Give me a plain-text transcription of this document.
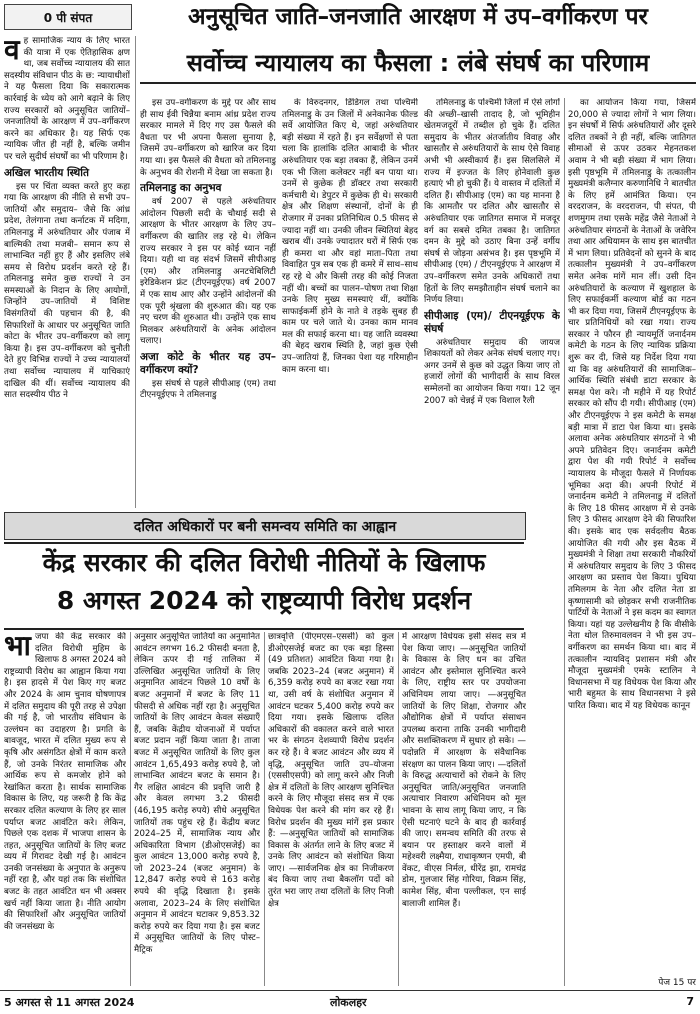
0 पी संपत	अनुसूचित जाति–जनजाति आरक्षण में उप–वर्गीकरण पर
सर्वोच्च न्यायालय का फैसला : लंबे संघर्ष का परिणाम
व ह सामाजिक न्याय के लिए भारत की यात्रा में एक ऐतिहासिक क्षण था, जब सर्वोच्च न्यायालय की सात सदस्यीय संविधान पीठ के छ: न्यायाधीशों ने यह फैसला दिया कि सकारात्मक कार्रवाई के ध्येय को आगे बढ़ाने के लिए राज्य सरकारों को अनुसूचित जातियों–जनजातियों के आरक्षण में उप–वर्गीकरण करने का अधिकार है। यह सिर्फ एक न्यायिक जीत ही नहीं है, बल्कि जमीन पर चले सुदीर्घ संघर्षों का भी परिणाम है।

अखिल भारतीय स्थिति

इस पर चिंता व्यक्त करते हुए कहा गया कि आरक्षण की नीति से सभी उप–जातियों और समुदाय– जैसे कि आंध्र प्रदेश, तेलंगाना तथा कर्नाटक में मदिगा, तमिलनाडु में अरुंधतियार और पंजाब में बाल्मिकी तथा मजबी– समान रूप से लाभान्वित नहीं हुए हैं और इसलिए लंबे समय से विरोध प्रदर्शन करते रहे हैं। तमिलनाडु समेत कुछ राज्यों ने उन समस्याओं के निदान के लिए आयोगों, जिन्होंने उप–जातियों में विशिष्ट विसंगतियों की पहचान की है, की सिफारिशों के आधार पर अनुसूचित जाति कोटा के भीतर उप–वर्गीकरण को लागू किया है। इस उप–वर्गीकरण को चुनौती देते हुए विभिन्न राज्यों ने उच्च न्यायालयों तथा सर्वोच्च न्यायालय में याचिकाएं दाखिल की थीं। सर्वोच्च न्यायालय की सात सदस्यीय पीठ ने

इस उप–वर्गीकरण के मुद्दे पर और साथ ही साथ ईवी चिन्नैया बनाम आंध्र प्रदेश राज्य सरकार मामले में दिए गए उस फैसले की वैधता पर भी अपना फैसला सुनाया है, जिसमें उप–वर्गीकरण को खारिज कर दिया गया था। इस फैसले की वैधता को तमिलनाडु के अनुभव की रोशनी में देखा जा सकता है।

तमिलनाडु का अनुभव

वर्ष 2007 से पहले अरुंधतियार आंदोलन पिछली सदी के चौथाई सदी से आरक्षण के भीतर आरक्षण के लिए उप–वर्गीकरण की खातिर लड़ रहे थे। लेकिन राज्य सरकार ने इस पर कोई ध्यान नहीं दिया। यही था वह संदर्भ जिसमें सीपीआइ (एम) और तमिलनाडु अनटचेबिलिटी इरेडिकेशन फ्रंट (टीएनयूईएफ) वर्ष 2007 में एक साथ आए और उन्होंने आंदोलनों की एक पूरी श्रृंखला की शुरुआत की। यह एक नए चरण की शुरुआत थी। उन्होंने एक साथ मिलकर अरुंधतियारों के अनेक आंदोलन चलाए।

अजा कोटे के भीतर यह उप–वर्गीकरण क्यों?

इस संघर्ष से पहले सीपीआइ (एम) तथा टीएनयूईएफ ने तमिलनाडु

के विरुदनगर, डिंडिगल तथा पश्चिमी तमिलनाडु के उन जिलों में अनेकानेक फील्ड सर्वे आयोजित किए थे, जहां अरुंधतियार बड़ी संख्या में रहते हैं। इन सर्वेक्षणों से पता चला कि हालांकि दलित आबादी के भीतर अरुंधतियार एक बड़ा तबका हैं, लेकिन उनमें एक भी जिला कलेक्टर नहीं बन पाया था। उनमें से कुछेक ही डॉक्टर तथा सरकारी कर्मचारी थे। डेपुटर में कुछेक ही थे। सरकारी क्षेत्र और शिक्षण संस्थानों, दोनों के ही रोजगार में उनका प्रतिनिधित्व 0.5 फीसद से ज्यादा नहीं था। उनकी जीवन स्थितियां बेहद खराब थीं। उनके ज्यादातर घरों में सिर्फ एक ही कमरा था और वहां माता–पिता तथा विवाहित पुत्र सब एक ही कमरे में साथ–साथ रह रहे थे और किसी तरह की कोई निजता नहीं थी। बच्चों का पालन–पोषण तथा शिक्षा उनके लिए मुख्य समस्याएं थीं, क्योंकि साफाईकर्मी होने के नाते वे तड़के सुबह ही काम पर चले जाते थे। उनका काम मानव मल की सफाई करना था। यह जाति व्यवस्था की बेहद खराब स्थिति है, जहां कुछ ऐसी उप–जातियां हैं, जिनका पेशा यह गरिमाहीन काम करना था।

तमिलनाडु के पश्चिमी जिलों में ऐसे लोगों की अच्छी–खासी तादाद है, जो भूमिहीन खेतमजदूरों में तब्दील हो चुके हैं। दलित समुदाय के भीतर अंतर्जातीय विवाह और खासतौर से अरुंधतियारों के साथ ऐसे विवाह अभी भी अस्वीकार्य हैं। इस सिलसिले में राज्य में इज्जत के लिए होनेवाली कुछ हत्याएं भी हो चुकी हैं। ये वास्तव में दलितों में दलित हैं। सीपीआइ (एम) का यह मानना है कि आमतौर पर दलित और खासतौर से अरुंधतियार एक जातिगत समाज में मजदूर वर्ग का सबसे दमित तबका है। जातिगत दमन के मुद्दे को उठाए बिना उन्हें वर्गीय संघर्ष से जोड़ना असंभव है। इस पृष्ठभूमि में सीपीआइ (एम) / टीएनयूईएफ ने आरक्षण में उप–वर्गीकरण समेत उनके अधिकारों तथा हितों के लिए समझौताहीन संघर्ष चलाने का निर्णय लिया।

सीपीआइ (एम)/ टीएनयूईएफ के संघर्ष

अरुंधतियार समुदाय की जायज शिकायतों को लेकर अनेक संघर्ष चलाए गए। अगर उनमें से कुछ को उद्धृत किया जाए तो हजारों लोगों की भागीदारी के साथ विरल सम्मेलनों का आयोजन किया गया। 12 जून 2007 को चेन्नई में एक विशाल रैली

का आयोजन किया गया, जिसमें 20,000 से ज्यादा लोगों ने भाग लिया। इन संघर्षों में सिर्फ अरुंधतियारों और दूसरे दलित तबकों ने ही नहीं, बल्कि जातिगत सीमाओं से ऊपर उठकर मेहनतकश अवाम ने भी बड़ी संख्या में भाग लिया। इसी पृष्ठभूमि में तमिलनाडु के तत्कालीन मुख्यमंत्री कलैग्नार करुणानिधि ने बातचीत के लिए हमें आमंत्रित किया। एन वरदराजन, के वरदराजन, पी संपत, पी शणमुगम तथा एसके महेंद्र जैसे नेताओं ने अरुंधतियार संगठनों के नेताओं के जवेरिन तथा आर अधियामन के साथ इस बातचीत में भाग लिया। प्रतिवेदनों को सुनने के बाद तत्कालीन मुख्यमंत्री ने उप–वर्गीकरण समेत अनेक मांगें मान लीं। उसी दिन अरुंधतियारों के कल्याण में खुशहाल के लिए सफाईकर्मी कल्याण बोर्ड का गठन भी कर दिया गया, जिसमें टीएनयूईएफ के चार प्रतिनिधियों को रखा गया। राज्य सरकार ने फौरन ही न्यायमूर्ति जनार्दनम कमेटी के गठन के लिए न्यायिक प्रक्रिया शुरू कर दी, जिसे यह निर्देश दिया गया था कि वह अरुंधतियारों की सामाजिक–आर्थिक स्थिति संबंधी डाटा सरकार के समक्ष पेश करे। नौ महीने में यह रिपोर्ट सरकार को सौंप दी गयी। सीपीआइ (एम) और टीएनयूईएफ ने इस कमेटी के समक्ष बड़ी मात्रा में डाटा पेश किया था। इसके अलावा अनेक अरुंधतियार संगठनों ने भी अपने प्रतिवेदन दिए। जनार्दनम कमेटी द्वारा पेश की गयी रिपोर्ट ने सर्वोच्च न्यायालय के मौजूदा फैसले में निर्णायक भूमिका अदा की। अपनी रिपोर्ट में जनार्दनम कमेटी ने तमिलनाडु में दलितों के लिए 18 फीसद आरक्षण में से उनके लिए 3 फीसद आरक्षण देने की सिफारिश की। इसके बाद एक सर्वदलीय बैठक आयोजित की गयी और इस बैठक में मुख्यमंत्री ने शिक्षा तथा सरकारी नौकरियों में अरुंधतियार समुदाय के लिए 3 फीसद आरक्षण का प्रस्ताव पेश किया। पुथिया तमिलगम के नेता और दलित नेता डा कृष्णासामी को छोड़कर सभी राजनीतिक पार्टियों के नेताओं ने इस कदम का स्वागत किया। यहां यह उल्लेखनीय है कि वीसीके नेता थोल तिरुमावलवन ने भी इस उप–वर्गीकरण का समर्थन किया था। बाद में तत्कालीन न्यायविद् प्रशासन मंत्री और मौजूदा मुख्यमंत्री एमके स्टालिन ने विधानसभा में यह विधेयक पेश किया और भारी बहुमत के साथ विधानसभा ने इसे पारित किया। बाद में यह विधेयक कानून

पेज 15 पर
दलित अधिकारों पर बनी समन्वय समिति का आह्वान
केंद्र सरकार की दलित विरोधी नीतियों के खिलाफ
8 अगस्त 2024 को राष्ट्रव्यापी विरोध प्रदर्शन
भा जपा की केंद्र सरकार की दलित विरोधी मुहिम के खिलाफ 8 अगस्त 2024 को राष्ट्रव्यापी विरोध का आह्वान किया गया है। इस हादसे में पेश किए गए बजट और 2024 के आम चुनाव घोषणापत्र में दलित समुदाय की पूरी तरह से उपेक्षा की गई है, जो भारतीय संविधान के उल्लंघन का उदाहरण है। प्रगति के बावजूद, भारत में दलित मुख्य रूप से कृषि और असंगठित क्षेत्रों में काम करते हैं, जो उनके निरंतर सामाजिक और आर्थिक रूप से कमजोर होने को रेखांकित करता है। सार्थक सामाजिक विकास के लिए, यह जरूरी है कि केंद्र सरकार दलित कल्याण के लिए हर साल पर्याप्त बजट आवंटित करे। लेकिन, पिछले एक दशक में भाजपा शासन के तहत, अनुसूचित जातियों के लिए बजट व्यय में गिरावट देखी गई है। आवंटन उनकी जनसंख्या के अनुपात के अनुरूप नहीं रहा है, और यहां तक कि संशोधित बजट के तहत आवंटित धन भी अक्सर खर्च नहीं किया जाता है। नीति आयोग की सिफारिशों और अनुसूचित जातियों की जनसंख्या के

अनुसार अनुसूचित जातियों का अनुमानित आवंटन लगभग 16.2 फीसदी बनता है, लेकिन ऊपर दी गई तालिका में उल्लिखित अनुसूचित जातियों के लिए अनुमानित आवंटन पिछले 10 वर्षों के बजट अनुमानों में बजट के लिए 11 फीसदी से अधिक नहीं रहा है। अनुसूचित जातियों के लिए आवंटन केवल संख्याएँ हैं, जबकि केंद्रीय योजनाओं में पर्याप्त बजट प्रदान नहीं किया जाता है। ताजा बजट में अनुसूचित जातियों के लिए कुल आवंटन 1,65,493 करोड़ रुपये है, जो लाभान्वित आवंटन बजट के समान है। गैर लक्षित आवंटन की प्रवृत्ति जारी है और केवल लगभग 3.2 फीसदी (46,195 करोड़ रुपये) सीधे अनुसूचित जातियों तक पहुंच रहे हैं। केंद्रीय बजट 2024–25 में, सामाजिक न्याय और अधिकारिता विभाग (डीओएसजेई) का कुल आवंटन 13,000 करोड़ रुपये है, जो 2023–24 (बजट अनुमान) के 12,847 करोड़ रुपये से 163 करोड़ रुपये की वृद्धि दिखाता है। इसके अलावा, 2023–24 के लिए संशोधित अनुमान में आवंटन घटाकर 9,853.32 करोड़ रुपये कर दिया गया है। इस बजट में अनुसूचित जातियों के लिए पोस्ट–मैट्रिक

छात्रवृत्ति (पीएमएस–एससी) को कुल डीओएसजेई बजट का एक बड़ा हिस्सा (49 प्रतिशत) आवंटित किया गया है। जबकि 2023–24 (बजट अनुमान) में 6,359 करोड़ रुपये का बजट रखा गया था, उसी वर्ष के संशोधित अनुमान में आवंटन घटकर 5,400 करोड़ रुपये कर दिया गया। इसके खिलाफ दलित अधिकारों की वकालत करने वाले भारत भर के संगठन देशव्यापी विरोध प्रदर्शन कर रहे हैं। वे बजट आवंटन और व्यय में वृद्धि, अनुसूचित जाति उप–योजना (एससीएसपी) को लागू करने और निजी क्षेत्र में दलितों के लिए आरक्षण सुनिश्चित करने के लिए मौजूदा संसद सत्र में एक विधेयक पेश करने की मांग कर रहे हैं। विरोध प्रदर्शन की मुख्य मांगें इस प्रकार हैं: —अनुसूचित जातियों को सामाजिक विकास के अंतर्गत लाने के लिए बजट में उनके लिए आवंटन को संशोधित किया जाए। —सार्वजनिक क्षेत्र का निजीकरण बंद किया जाए तथा बैकलॉग पदों को तुरंत भरा जाए तथा दलितों के लिए निजी क्षेत्र

में आरक्षण विधेयक इसी संसद सत्र में पेश किया जाए। —अनुसूचित जातियों के विकास के लिए धन का उचित आवंटन और इस्तेमाल सुनिश्चित करने के लिए, राष्ट्रीय स्तर पर उपयोजना अधिनियम लाया जाए। —अनुसूचित जातियों के लिए शिक्षा, रोजगार और औद्योगिक क्षेत्रों में पर्याप्त संसाधन उपलब्ध कराना ताकि उनकी भागीदारी और सशक्तिकरण में सुधार हो सके। —पदोन्नति में आरक्षण के संवैधानिक संरक्षण का पालन किया जाए। —दलितों के विरुद्ध अत्याचारों को रोकने के लिए अनुसूचित जाति/अनुसूचित जनजाति अत्याचार निवारण अधिनियम को मूल भावना के साथ लागू किया जाए, न कि ऐसी घटनाएं घटने के बाद ही कार्रवाई की जाए। समन्वय समिति की तरफ से बयान पर हस्ताक्षर करने वालों में महेश्वरी लक्ष्मैया, राधाकृष्णन एमपी, बी वेंकट, वीएस निर्मल, धीरेंद्र झा, रामचंद्र डोम, गुलजार सिंह गोरिया, विक्रम सिंह, कामेश सिंह, बीना पल्लीकल, एन साई बालाजी शामिल हैं।

5 अगस्त से 11 अगस्त 2024	लोकलहर	7
